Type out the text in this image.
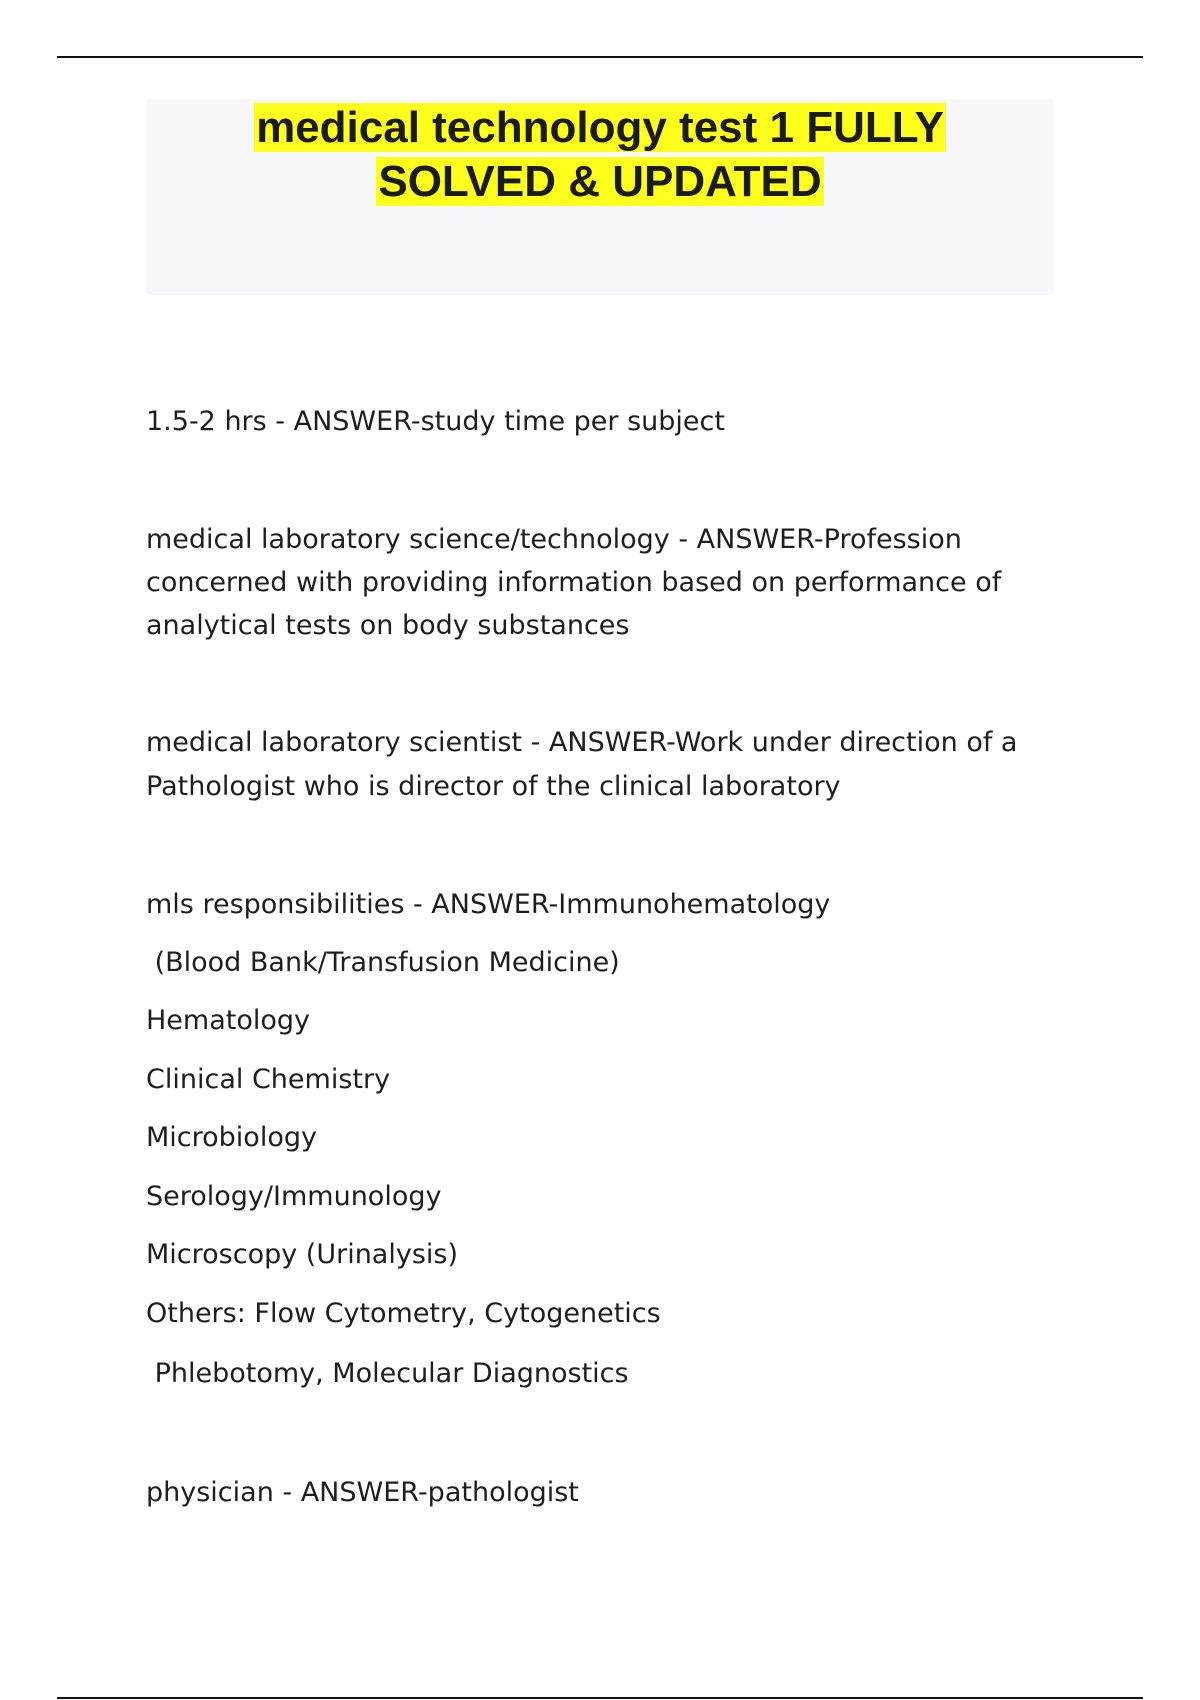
medical technology test 1 FULLY
SOLVED & UPDATED

1.5-2 hrs - ANSWER-study time per subject

medical laboratory science/technology - ANSWER-Profession
concerned with providing information based on performance of
analytical tests on body substances

medical laboratory scientist - ANSWER-Work under direction of a
Pathologist who is director of the clinical laboratory

mls responsibilities - ANSWER-Immunohematology
(Blood Bank/Transfusion Medicine)
Hematology
Clinical Chemistry
Microbiology
Serology/Immunology
Microscopy (Urinalysis)
Others: Flow Cytometry, Cytogenetics
Phlebotomy, Molecular Diagnostics

physician - ANSWER-pathologist
